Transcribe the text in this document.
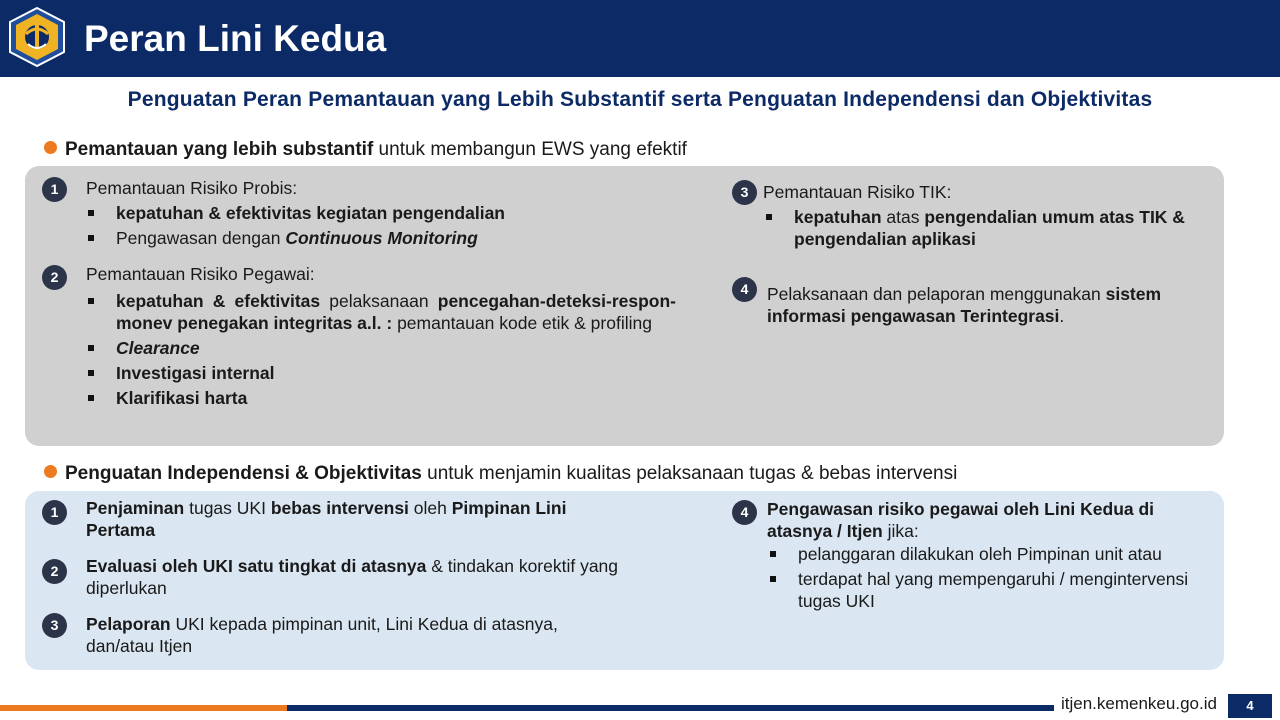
Peran Lini Kedua
Penguatan Peran Pemantauan yang Lebih Substantif serta Penguatan Independensi dan Objektivitas
Pemantauan yang lebih substantif untuk membangun EWS yang efektif
1	Pemantauan Risiko Probis:
kepatuhan & efektivitas kegiatan pengendalian
Pengawasan dengan Continuous Monitoring
2	Pemantauan Risiko Pegawai:
kepatuhan & efektivitas pelaksanaan pencegahan-deteksi-respon-monev penegakan integritas a.l. : pemantauan kode etik & profiling
Clearance
Investigasi internal
Klarifikasi harta
3 Pemantauan Risiko TIK:
kepatuhan atas pengendalian umum atas TIK & pengendalian aplikasi
4	Pelaksanaan dan pelaporan menggunakan sistem informasi pengawasan Terintegrasi.
Penguatan Independensi & Objektivitas untuk menjamin kualitas pelaksanaan tugas & bebas intervensi
1	Penjaminan tugas UKI bebas intervensi oleh Pimpinan Lini Pertama
2	Evaluasi oleh UKI satu tingkat di atasnya & tindakan korektif yang diperlukan
3	Pelaporan UKI kepada pimpinan unit, Lini Kedua di atasnya, dan/atau Itjen
4	Pengawasan risiko pegawai oleh Lini Kedua di atasnya / Itjen jika:
pelanggaran dilakukan oleh Pimpinan unit atau
terdapat hal yang mempengaruhi / mengintervensi tugas UKI
itjen.kemenkeu.go.id	4
